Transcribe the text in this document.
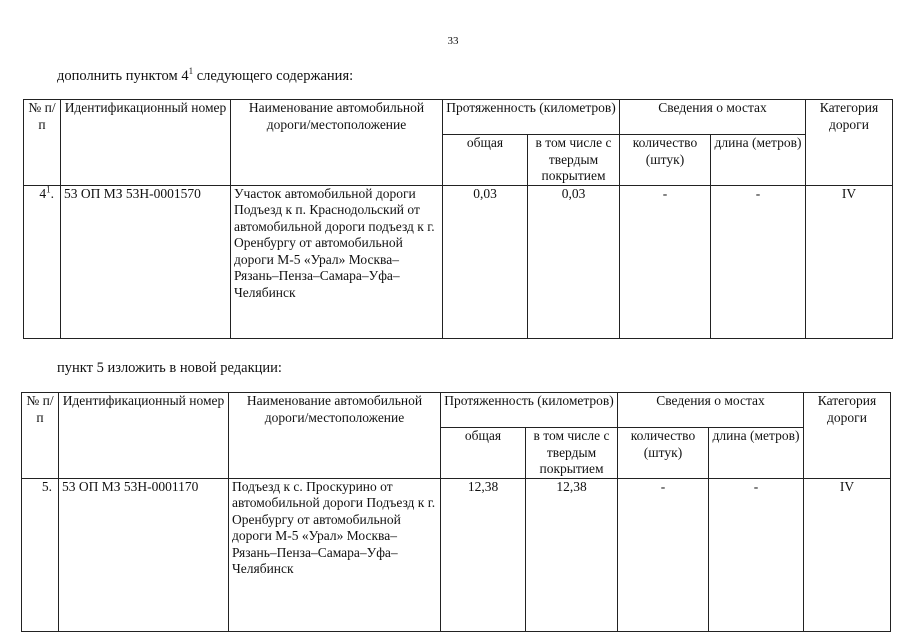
33
дополнить пунктом $4^1$ следующего содержания:
№ п/п	Идентификационный номер	Наименование автомобильной дороги/местоположение	Протяженность (километров)		Сведения о мостах		Категория дороги
			общая	в том числе с твердым покрытием	количество (штук)	длина (метров)	
$4^1$.	53 ОП МЗ 53Н-0001570	Участок автомобильной дороги Подъезд к п. Краснодольский от автомобильной дороги подъезд к г. Оренбургу от автомобильной дороги М-5 «Урал» Москва–Рязань–Пенза–Самара–Уфа–Челябинск	0,03	0,03	-	-	IV
пункт 5 изложить в новой редакции:
№ п/п	Идентификационный номер	Наименование автомобильной дороги/местоположение	Протяженность (километров)		Сведения о мостах		Категория дороги
			общая	в том числе с твердым покрытием	количество (штук)	длина (метров)	
5.	53 ОП МЗ 53Н-0001170	Подъезд к с. Проскурино от автомобильной дороги Подъезд к г. Оренбургу от автомобильной дороги М-5 «Урал» Москва–Рязань–Пенза–Самара–Уфа–Челябинск	12,38	12,38	-	-	IV
